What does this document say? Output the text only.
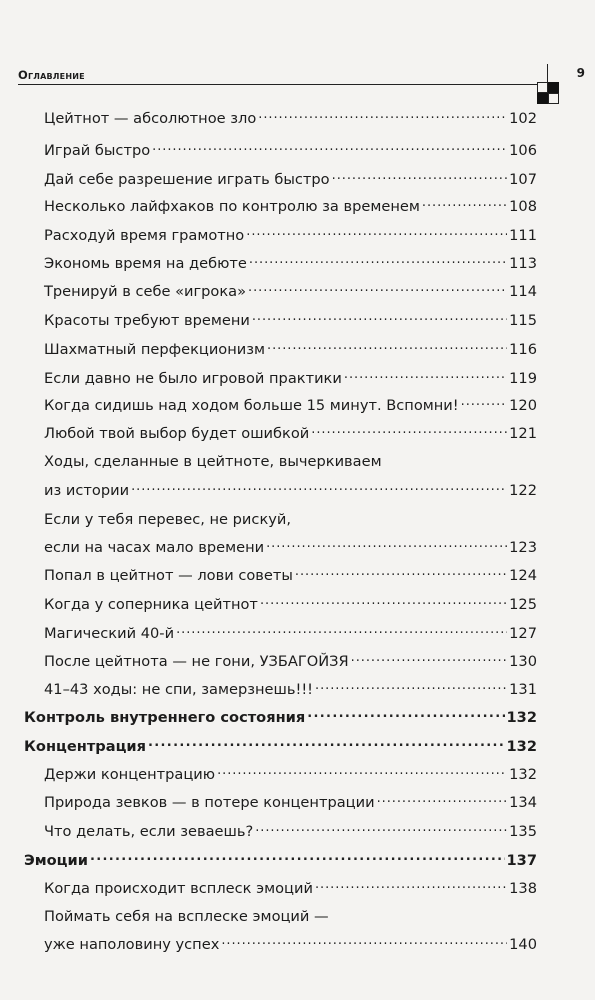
Оглавление	9
Цейтнот — абсолютное зло . . .	102
Играй быстро . . .	106
Дай себе разрешение играть быстро . . .	107
Несколько лайфхаков по контролю за временем . . .	108
Расходуй время грамотно . . .	111
Экономь время на дебюте . . .	113
Тренируй в себе «игрока» . . .	114
Красоты требуют времени . . .	115
Шахматный перфекционизм . . .	116
Если давно не было игровой практики . . .	119
Когда сидишь над ходом больше 15 минут. Вспомни! . . .	120
Любой твой выбор будет ошибкой . . .	121
Ходы, сделанные в цейтноте, вычеркиваем
из истории . . .	122
Если у тебя перевес, не рискуй,
если на часах мало времени . . .	123
Попал в цейтнот — лови советы . . .	124
Когда у соперника цейтнот . . .	125
Магический 40-й . . .	127
После цейтнота — не гони, УЗБАГОЙЗЯ . . .	130
41–43 ходы: не спи, замерзнешь!!! . . .	131
Контроль внутреннего состояния . . .	132
Концентрация . . .	132
Держи концентрацию . . .	132
Природа зевков — в потере концентрации . . .	134
Что делать, если зеваешь? . . .	135
Эмоции . . .	137
Когда происходит всплеск эмоций . . .	138
Поймать себя на всплеске эмоций —
уже наполовину успех . . .	140
